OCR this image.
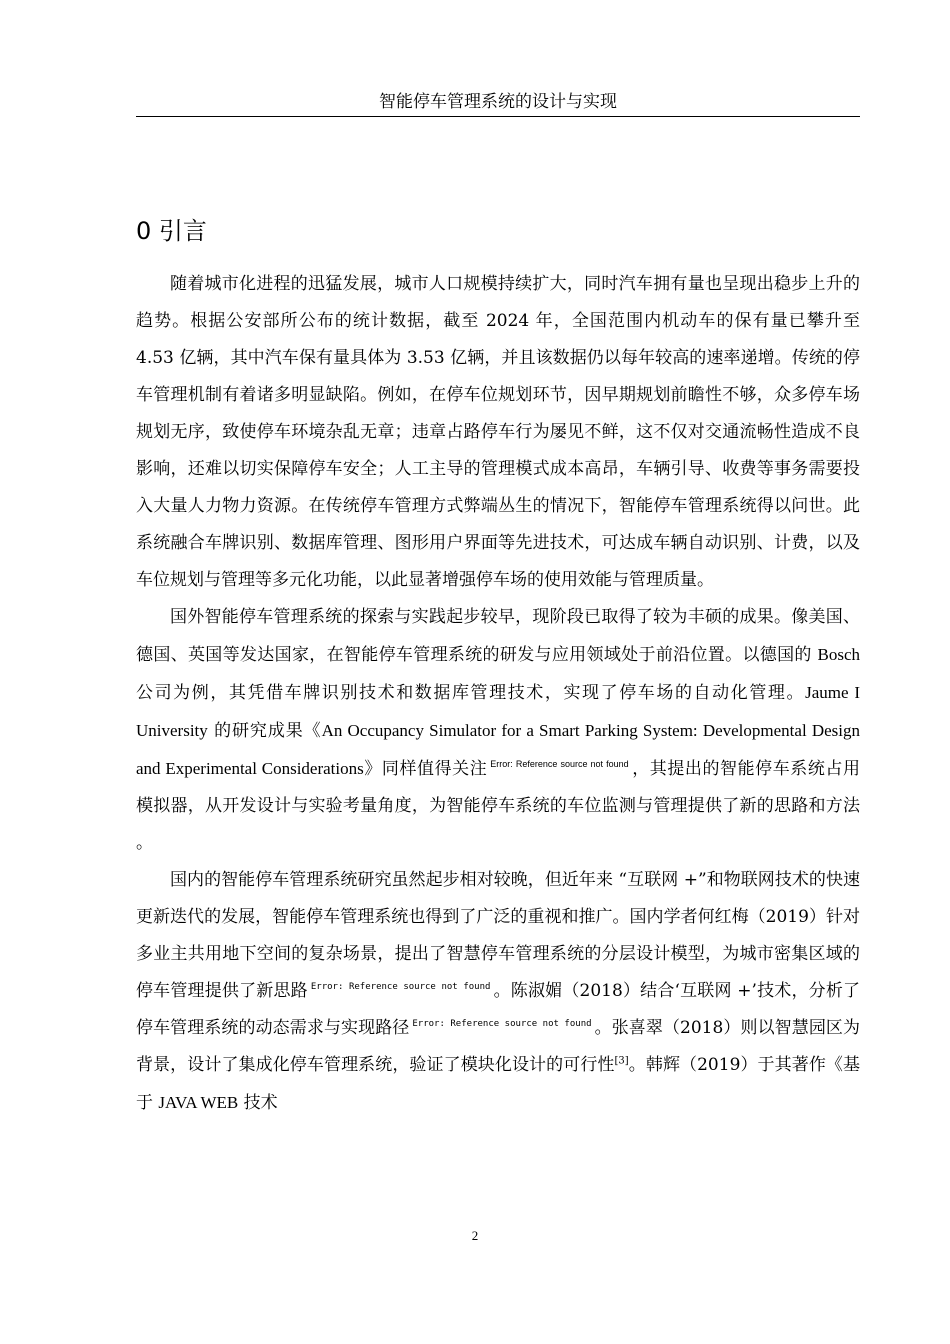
智能停车管理系统的设计与实现
0 引言

随着城市化进程的迅猛发展，城市人口规模持续扩大，同时汽车拥有量也呈现出稳步上升的趋势。根据公安部所公布的统计数据，截至 2024 年，全国范围内机动车的保有量已攀升至 4.53 亿辆，其中汽车保有量具体为 3.53 亿辆，并且该数据仍以每年较高的速率递增。传统的停车管理机制有着诸多明显缺陷。例如，在停车位规划环节，因早期规划前瞻性不够，众多停车场规划无序，致使停车环境杂乱无章；违章占路停车行为屡见不鲜，这不仅对交通流畅性造成不良影响，还难以切实保障停车安全；人工主导的管理模式成本高昂，车辆引导、收费等事务需要投入大量人力物力资源。在传统停车管理方式弊端丛生的情况下，智能停车管理系统得以问世。此系统融合车牌识别、数据库管理、图形用户界面等先进技术，可达成车辆自动识别、计费，以及车位规划与管理等多元化功能，以此显著增强停车场的使用效能与管理质量。

国外智能停车管理系统的探索与实践起步较早，现阶段已取得了较为丰硕的成果。像美国、德国、英国等发达国家，在智能停车管理系统的研发与应用领域处于前沿位置。以德国的 Bosch 公司为例，其凭借车牌识别技术和数据库管理技术，实现了停车场的自动化管理。Jaume I University 的研究成果《An Occupancy Simulator for a Smart Parking System: Developmental Design and Experimental Considerations》同样值得关注 $^{Error: Reference source not found}$ ，其提出的智能停车系统占用模拟器，从开发设计与实验考量角度，为智能停车系统的车位监测与管理提供了新的思路和方法 。

国内的智能停车管理系统研究虽然起步相对较晚，但近年来 “互联网 +”和物联网技术的快速更新迭代的发展，智能停车管理系统也得到了广泛的重视和推广。国内学者何红梅（2019）针对多业主共用地下空间的复杂场景，提出了智慧停车管理系统的分层设计模型，为城市密集区域的停车管理提供了新思路 $^{Error: Reference source not found}$ 。陈淑媚（2018）结合‘互联网 +’技术，分析了停车管理系统的动态需求与实现路径 $^{Error: Reference source not found}$ 。张喜翠（2018）则以智慧园区为背景，设计了集成化停车管理系统，验证了模块化设计的可行性[3]。韩辉（2019）于其著作《基于 JAVA WEB 技术

2
